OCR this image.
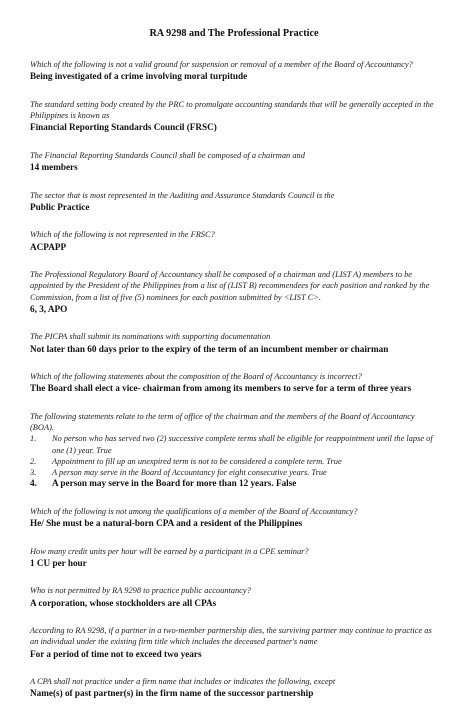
RA 9298 and The Professional Practice
Which of the following is not a valid ground for suspension or removal of a member of the Board of Accountancy?
Being investigated of a crime involving moral turpitude
The standard setting body created by the PRC to promulgate accounting standards that will be generally accepted in the Philippines is known as
Financial Reporting Standards Council (FRSC)
The Financial Reporting Standards Council shall be composed of a chairman and
14 members
The sector that is most represented in the Auditing and Assurance Standards Council is the
Public Practice
Which of the following is not represented in the FRSC?
ACPAPP
The Professional Regulatory Board of Accountancy shall be composed of a chairman and (LIST A) members to be appointed by the President of the Philippines from a list of (LIST B) recommendees for each position and ranked by the Commission, from a list of five (5) nominees for each position submitted by <LIST C>.
6, 3, APO
The PICPA shall submit its nominations with supporting documentation
Not later than 60 days prior to the expiry of the term of an incumbent member or chairman
Which of the following statements about the composition of the Board of Accountancy is incorrect?
The Board shall elect a vice- chairman from among its members to serve for a term of three years
The following statements relate to the term of office of the chairman and the members of the Board of Accountancy (BOA).
1.	No person who has served two (2) successive complete terms shall be eligible for reappointment until the lapse of one (1) year. True
2.	Appointment to fill up an unexpired term is not to be considered a complete term. True
3.	A person may serve in the Board of Accountancy for eight consecutive years. True
4.	A person may serve in the Board for more than 12 years. False
Which of the following is not among the qualifications of a member of the Board of Accountancy?
He/ She must be a natural-born CPA and a resident of the Philippines
How many credit units per hour will be earned by a participant in a CPE seminar?
1 CU per hour
Who is not permitted by RA 9298 to practice public accountancy?
A corporation, whose stockholders are all CPAs
According to RA 9298, if a partner in a two-member partnership dies, the surviving partner may continue to practice as an individual under the existing firm title which includes the deceased partner's name
For a period of time not to exceed two years
A CPA shall not practice under a firm name that includes or indicates the following, except
Name(s) of past partner(s) in the firm name of the successor partnership
